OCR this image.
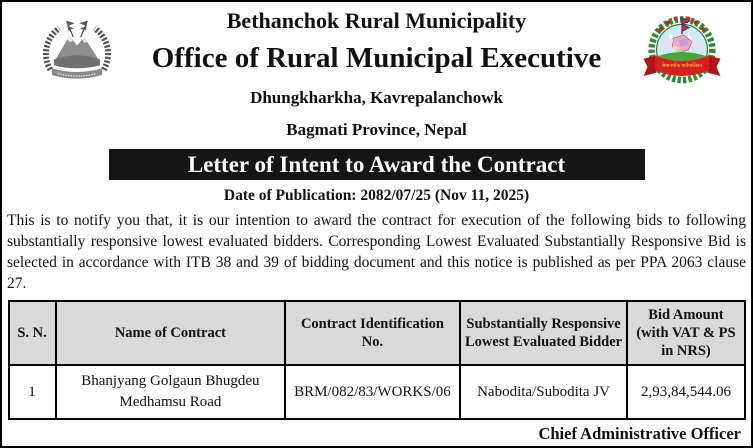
बेथानचोक गाउँपालिका
Bethanchok Rural Municipality
Office of Rural Municipal Executive
Dhungkharkha, Kavrepalanchowk
Bagmati Province, Nepal
Letter of Intent to Award the Contract
Date of Publication: 2082/07/25 (Nov 11, 2025)
This is to notify you that, it is our intention to award the contract for execution of the following bids to following substantially responsive lowest evaluated bidders. Corresponding Lowest Evaluated Substantially Responsive Bid is selected in accordance with ITB 38 and 39 of bidding document and this notice is published as per PPA 2063 clause 27.
S. N.	Name of Contract	Contract Identification No.	Substantially Responsive Lowest Evaluated Bidder	Bid Amount (with VAT & PS in NRS)
1	Bhanjyang Golgaun Bhugdeu Medhamsu Road	BRM/082/83/WORKS/06	Nabodita/Subodita JV	2,93,84,544.06
Chief Administrative Officer
